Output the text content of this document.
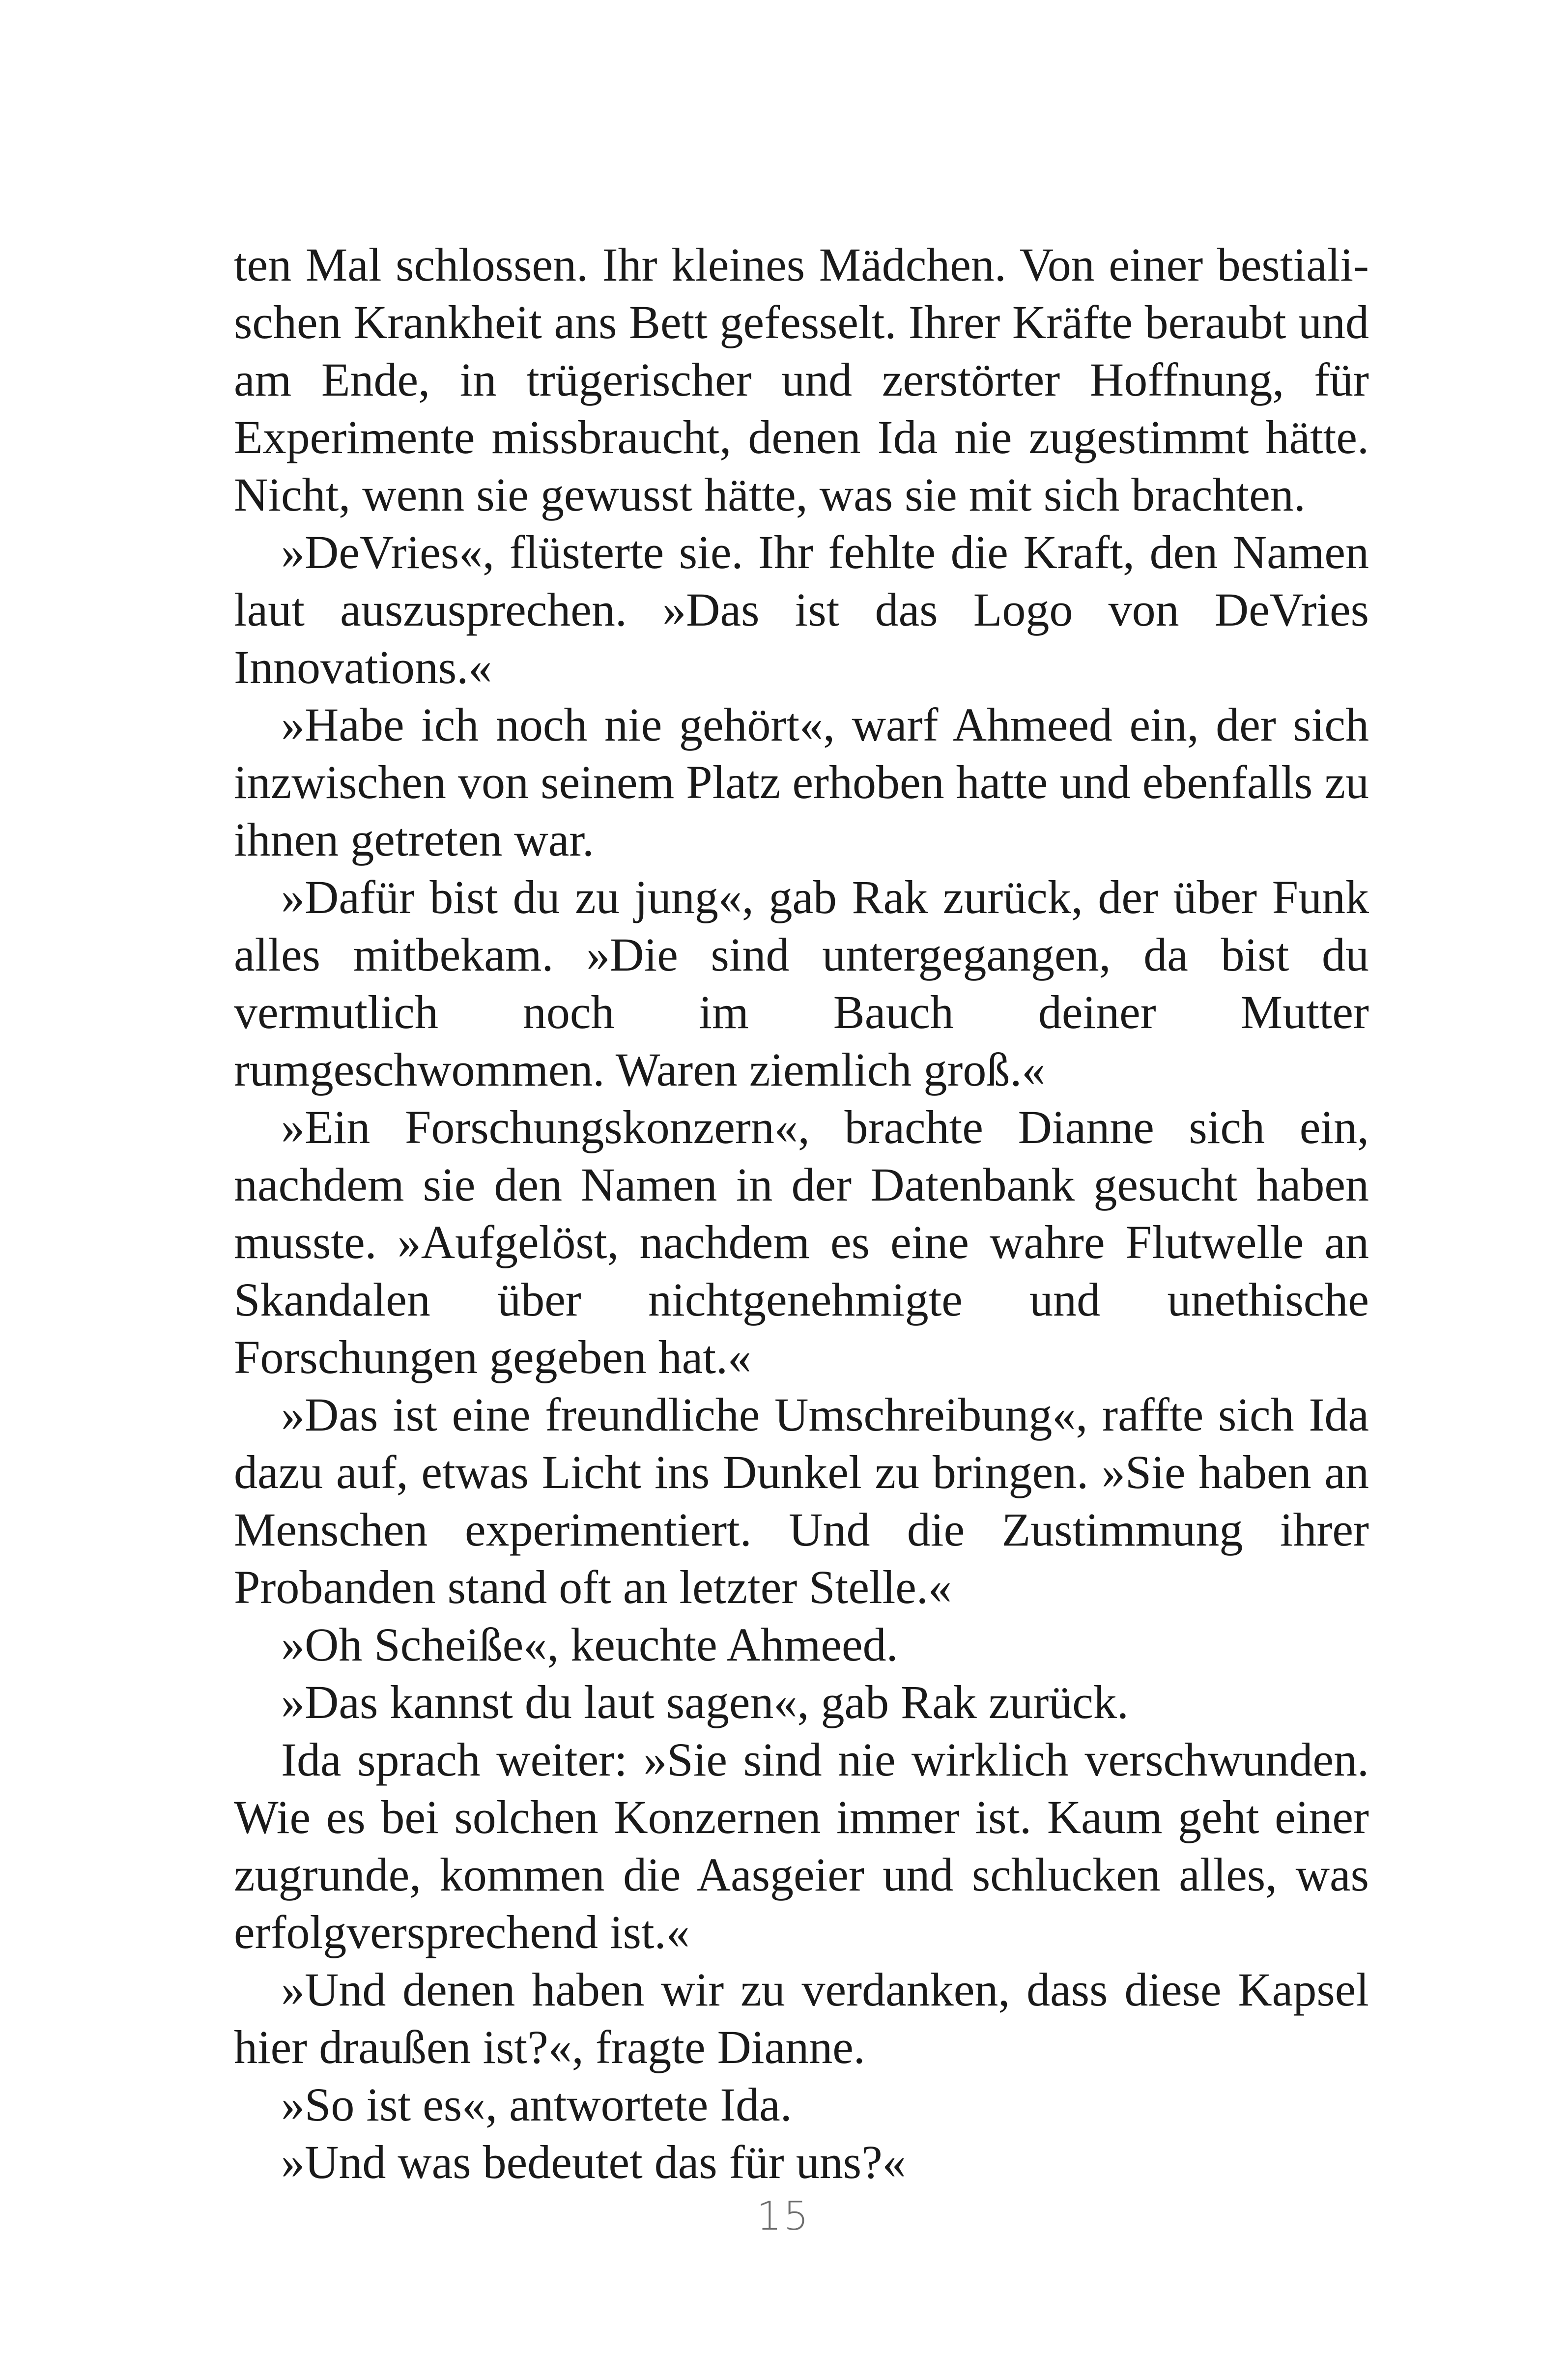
ten Mal schlossen. Ihr kleines Mädchen. Von einer bestialischen Krankheit ans Bett gefesselt. Ihrer Kräfte beraubt und am Ende, in trügerischer und zerstörter Hoffnung, für Experimente missbraucht, denen Ida nie zugestimmt hätte. Nicht, wenn sie gewusst hätte, was sie mit sich brachten.

»DeVries«, flüsterte sie. Ihr fehlte die Kraft, den Namen laut auszusprechen. »Das ist das Logo von DeVries Innovations.«

»Habe ich noch nie gehört«, warf Ahmeed ein, der sich inzwischen von seinem Platz erhoben hatte und ebenfalls zu ihnen getreten war.

»Dafür bist du zu jung«, gab Rak zurück, der über Funk alles mitbekam. »Die sind untergegangen, da bist du vermutlich noch im Bauch deiner Mutter rumgeschwommen. Waren ziemlich groß.«

»Ein Forschungskonzern«, brachte Dianne sich ein, nachdem sie den Namen in der Datenbank gesucht haben musste. »Aufgelöst, nachdem es eine wahre Flutwelle an Skandalen über nichtgenehmigte und unethische Forschungen gegeben hat.«

»Das ist eine freundliche Umschreibung«, raffte sich Ida dazu auf, etwas Licht ins Dunkel zu bringen. »Sie haben an Menschen experimentiert. Und die Zustimmung ihrer Probanden stand oft an letzter Stelle.«

»Oh Scheiße«, keuchte Ahmeed.

»Das kannst du laut sagen«, gab Rak zurück.

Ida sprach weiter: »Sie sind nie wirklich verschwunden. Wie es bei solchen Konzernen immer ist. Kaum geht einer zugrunde, kommen die Aasgeier und schlucken alles, was erfolgversprechend ist.«

»Und denen haben wir zu verdanken, dass diese Kapsel hier draußen ist?«, fragte Dianne.

»So ist es«, antwortete Ida.

»Und was bedeutet das für uns?«

15
